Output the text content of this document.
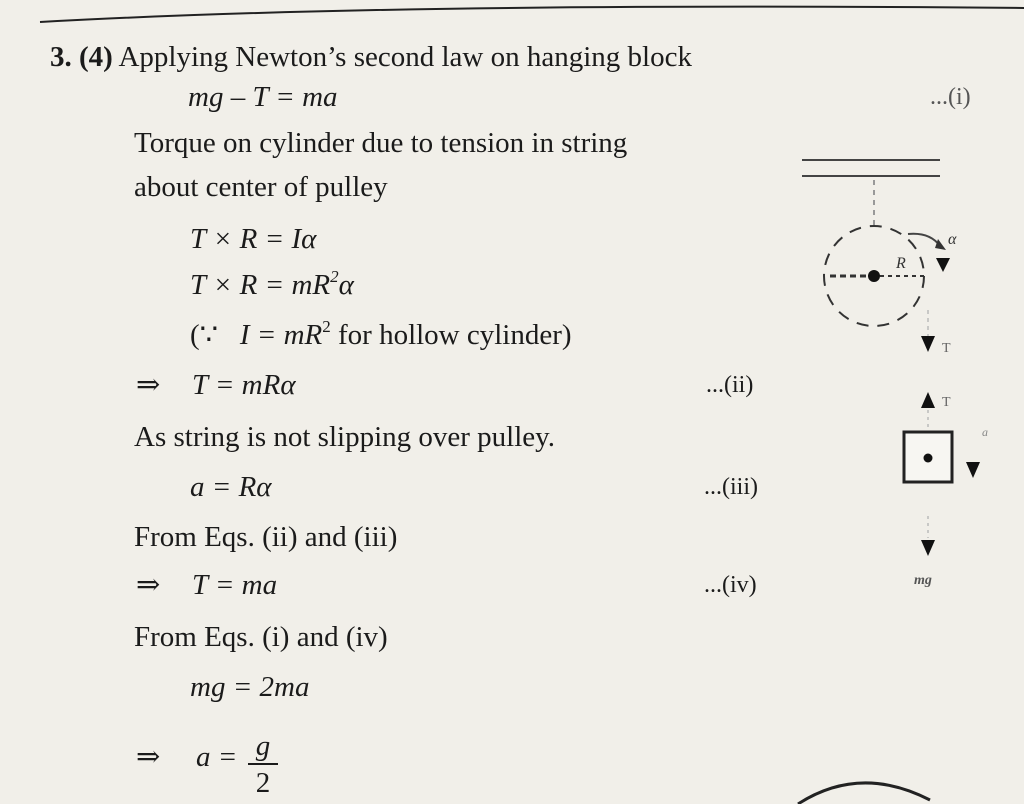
3. (4) Applying Newton’s second law on hanging block
mg – T = ma	...(i)
Torque on cylinder due to tension in string
about center of pulley
T × R = Iα
$T \times R = mR^2\alpha$
(∵ $I = mR^2$ for hollow cylinder)
⇒ T = mRα	...(ii)
As string is not slipping over pulley.
a = Rα	...(iii)
From Eqs. (ii) and (iii)
⇒ T = ma	...(iv)
From Eqs. (i) and (iv)
mg = 2ma
⇒ a = g
2
R
α
T
T
a
mg
